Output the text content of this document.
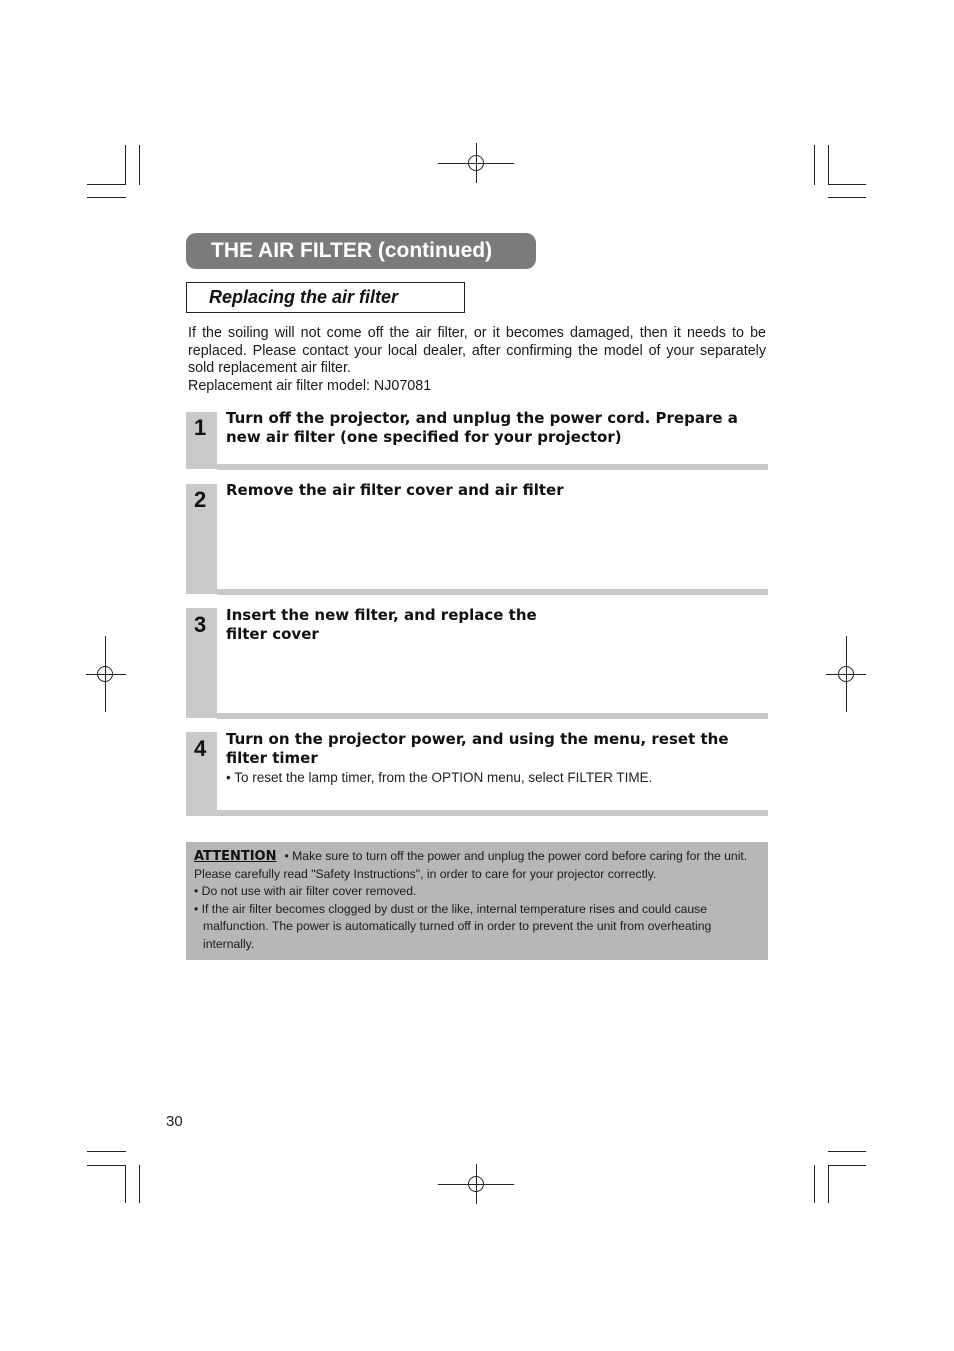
THE AIR FILTER (continued)
Replacing the air filter

If the soiling will not come off the air filter, or it becomes damaged, then it needs to be replaced. Please contact your local dealer, after confirming the model of your separately sold replacement air filter.

Replacement air filter model: NJ07081

1 Turn off the projector, and unplug the power cord. Prepare a new air filter (one specified for your projector)
2 Remove the air filter cover and air filter
3 Insert the new filter, and replace the
filter cover
4 Turn on the projector power, and using the menu, reset the filter timer
• To reset the lamp timer, from the OPTION menu, select FILTER TIME.

ATTENTION • Make sure to turn off the power and unplug the power cord before caring for the unit. Please carefully read "Safety Instructions", in order to care for your projector correctly.

• Do not use with air filter cover removed.

• If the air filter becomes clogged by dust or the like, internal temperature rises and could cause malfunction. The power is automatically turned off in order to prevent the unit from overheating internally.

30
